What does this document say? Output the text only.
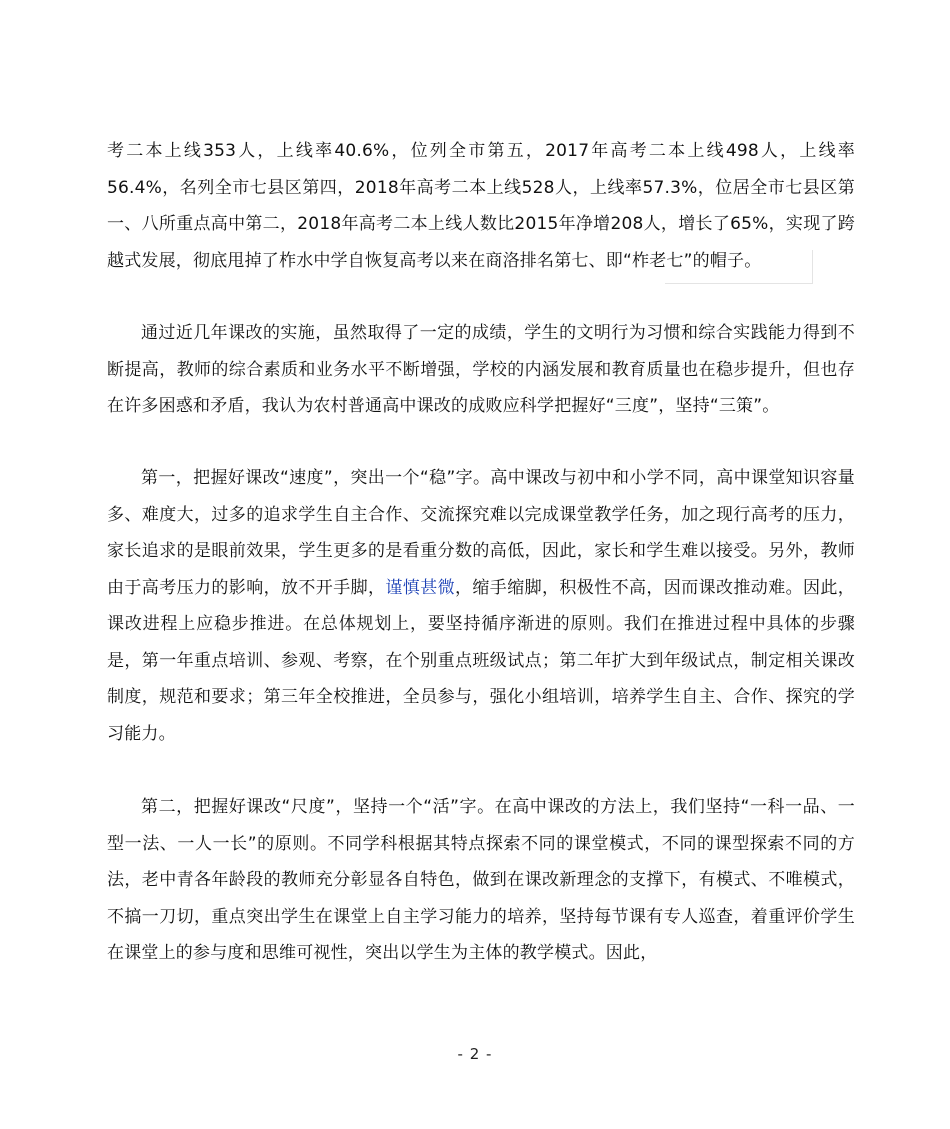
考二本上线353人，上线率40.6%，位列全市第五，2017年高考二本上线498人，上线率56.4%，名列全市七县区第四，2018年高考二本上线528人，上线率57.3%，位居全市七县区第一、八所重点高中第二，2018年高考二本上线人数比2015年净增208人，增长了65%，实现了跨越式发展，彻底甩掉了柞水中学自恢复高考以来在商洛排名第七、即“柞老七”的帽子。
通过近几年课改的实施，虽然取得了一定的成绩，学生的文明行为习惯和综合实践能力得到不断提高，教师的综合素质和业务水平不断增强，学校的内涵发展和教育质量也在稳步提升，但也存在许多困惑和矛盾，我认为农村普通高中课改的成败应科学把握好“三度”，坚持“三策”。
第一，把握好课改“速度”，突出一个“稳”字。高中课改与初中和小学不同，高中课堂知识容量多、难度大，过多的追求学生自主合作、交流探究难以完成课堂教学任务，加之现行高考的压力，家长追求的是眼前效果，学生更多的是看重分数的高低，因此，家长和学生难以接受。另外，教师由于高考压力的影响，放不开手脚，谨慎甚微，缩手缩脚，积极性不高，因而课改推动难。因此，课改进程上应稳步推进。在总体规划上，要坚持循序渐进的原则。我们在推进过程中具体的步骤是，第一年重点培训、参观、考察，在个别重点班级试点；第二年扩大到年级试点，制定相关课改制度，规范和要求；第三年全校推进，全员参与，强化小组培训，培养学生自主、合作、探究的学习能力。
第二，把握好课改“尺度”，坚持一个“活”字。在高中课改的方法上，我们坚持“一科一品、一型一法、一人一长”的原则。不同学科根据其特点探索不同的课堂模式，不同的课型探索不同的方法，老中青各年龄段的教师充分彰显各自特色，做到在课改新理念的支撑下，有模式、不唯模式，不搞一刀切，重点突出学生在课堂上自主学习能力的培养，坚持每节课有专人巡查，着重评价学生在课堂上的参与度和思维可视性，突出以学生为主体的教学模式。因此，
- 2 -
